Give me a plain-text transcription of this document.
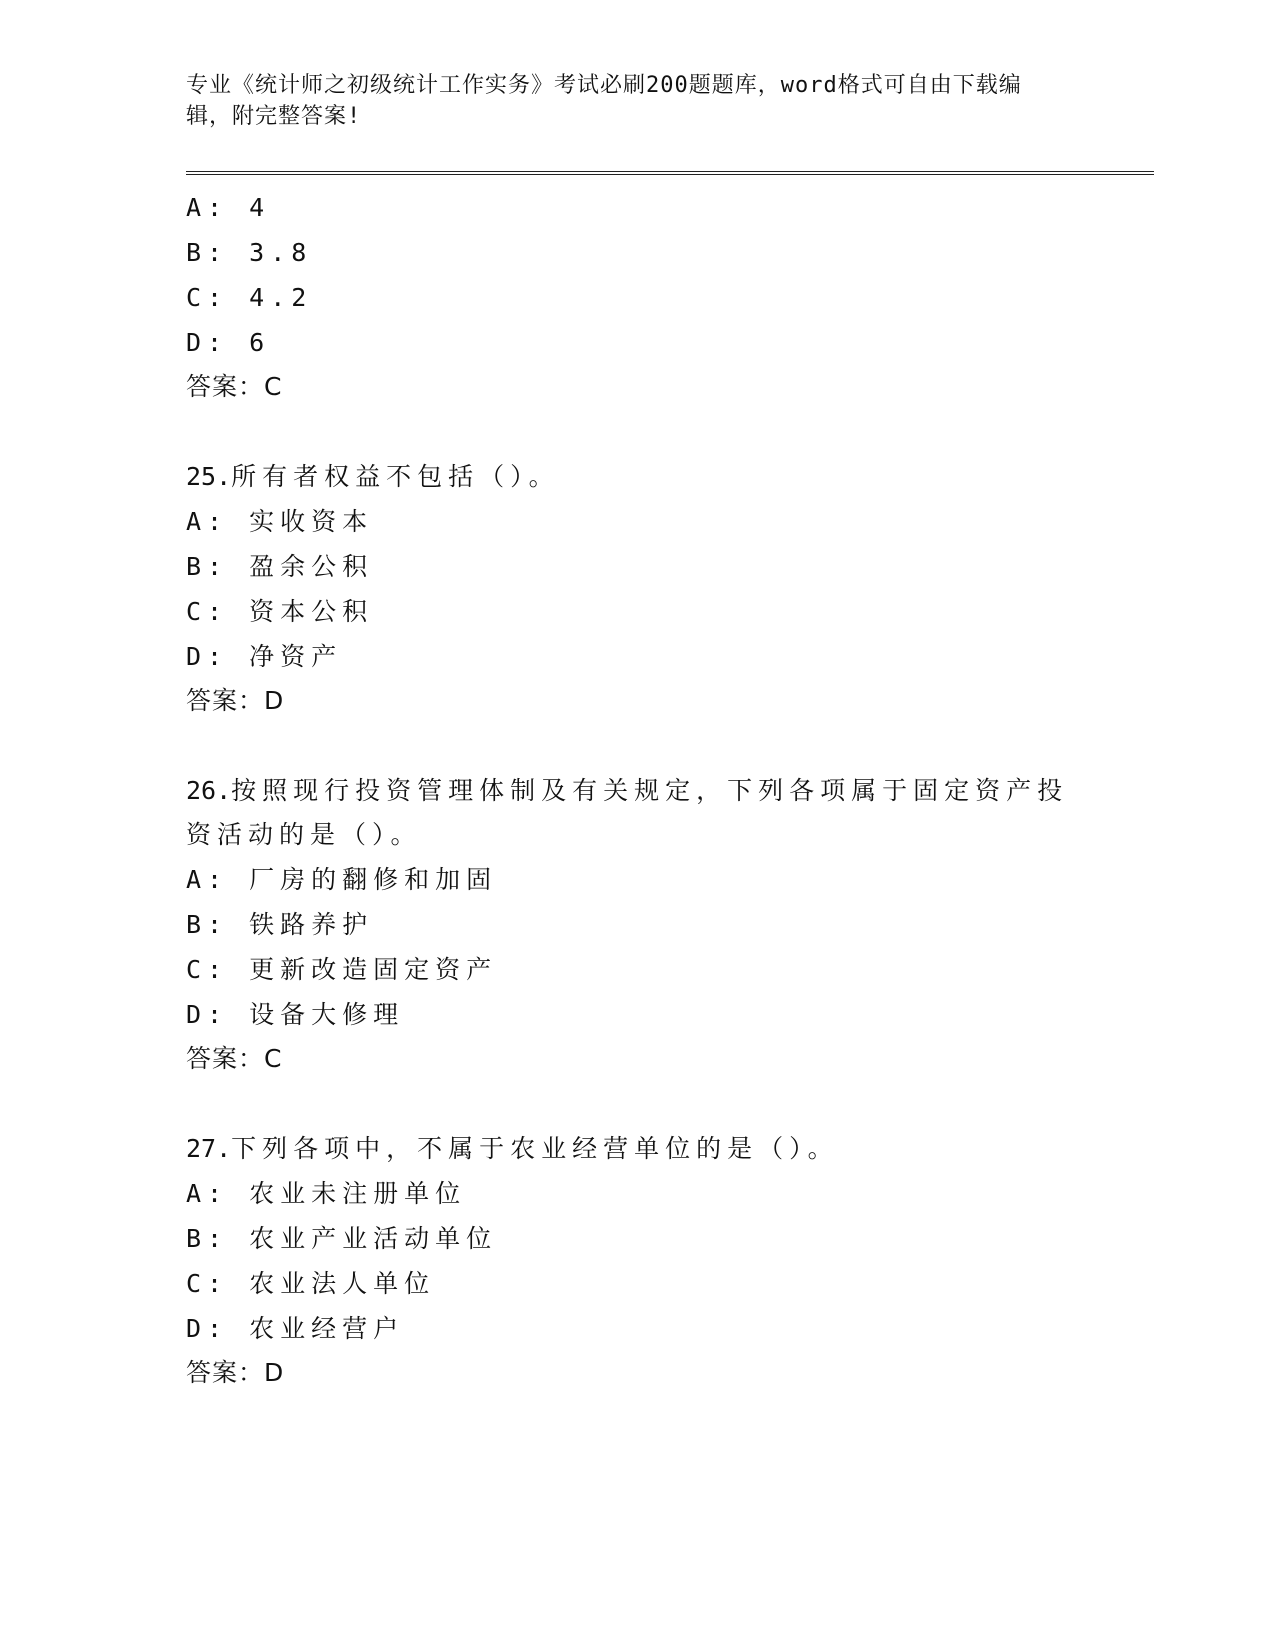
专业《统计师之初级统计工作实务》考试必刷200题题库，word格式可自由下载编辑，附完整答案!
A: 4
B: 3.8
C: 4.2
D: 6
答案：C
25.所有者权益不包括（）。
A: 实收资本
B: 盈余公积
C: 资本公积
D: 净资产
答案：D
26.按照现行投资管理体制及有关规定，下列各项属于固定资产投资活动的是（）。
A: 厂房的翻修和加固
B: 铁路养护
C: 更新改造固定资产
D: 设备大修理
答案：C
27.下列各项中，不属于农业经营单位的是（）。
A: 农业未注册单位
B: 农业产业活动单位
C: 农业法人单位
D: 农业经营户
答案：D
